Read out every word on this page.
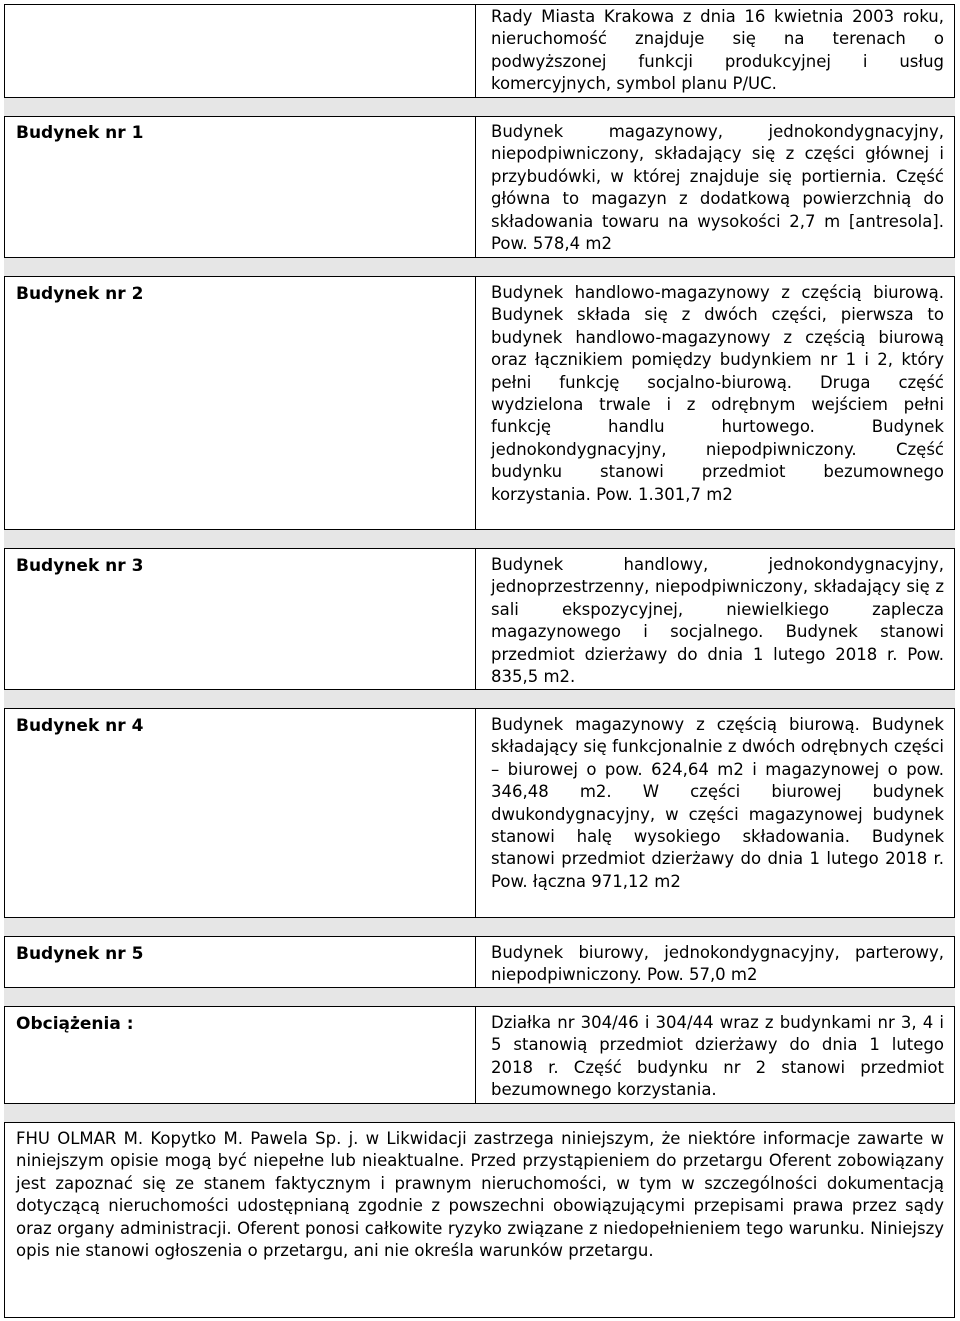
Rady Miasta Krakowa z dnia 16 kwietnia 2003 roku, nieruchomość znajduje się na terenach o podwyższonej funkcji produkcyjnej i usług komercyjnych, symbol planu P/UC.
Budynek nr 1	Budynek magazynowy, jednokondygnacyjny, niepodpiwniczony, składający się z części głównej i przybudówki, w której znajduje się portiernia. Część główna to magazyn z dodatkową powierzchnią do składowania towaru na wysokości 2,7 m [antresola]. Pow. 578,4 m2
Budynek nr 2	Budynek handlowo-magazynowy z częścią biurową. Budynek składa się z dwóch części, pierwsza to budynek handlowo-magazynowy z częścią biurową oraz łącznikiem pomiędzy budynkiem nr 1 i 2, który pełni funkcję socjalno-biurową. Druga część wydzielona trwale i z odrębnym wejściem pełni funkcję handlu hurtowego. Budynek jednokondygnacyjny, niepodpiwniczony. Część budynku stanowi przedmiot bezumownego korzystania. Pow. 1.301,7 m2
Budynek nr 3	Budynek handlowy, jednokondygnacyjny, jednoprzestrzenny, niepodpiwniczony, składający się z sali ekspozycyjnej, niewielkiego zaplecza magazynowego i socjalnego. Budynek stanowi przedmiot dzierżawy do dnia 1 lutego 2018 r. Pow. 835,5 m2.
Budynek nr 4	Budynek magazynowy z częścią biurową. Budynek składający się funkcjonalnie z dwóch odrębnych części – biurowej o pow. 624,64 m2 i magazynowej o pow. 346,48 m2. W części biurowej budynek dwukondygnacyjny, w części magazynowej budynek stanowi halę wysokiego składowania. Budynek stanowi przedmiot dzierżawy do dnia 1 lutego 2018 r. Pow. łączna 971,12 m2
Budynek nr 5	Budynek biurowy, jednokondygnacyjny, parterowy, niepodpiwniczony. Pow. 57,0 m2
Obciążenia :	Działka nr 304/46 i 304/44 wraz z budynkami nr 3, 4 i 5 stanowią przedmiot dzierżawy do dnia 1 lutego 2018 r. Część budynku nr 2 stanowi przedmiot bezumownego korzystania.
FHU OLMAR M. Kopytko M. Pawela Sp. j. w Likwidacji zastrzega niniejszym, że niektóre informacje zawarte w niniejszym opisie mogą być niepełne lub nieaktualne. Przed przystąpieniem do przetargu Oferent zobowiązany jest zapoznać się ze stanem faktycznym i prawnym nieruchomości, w tym w szczególności dokumentacją dotyczącą nieruchomości udostępnianą zgodnie z powszechni obowiązującymi przepisami prawa przez sądy oraz organy administracji. Oferent ponosi całkowite ryzyko związane z niedopełnieniem tego warunku. Niniejszy opis nie stanowi ogłoszenia o przetargu, ani nie określa warunków przetargu.
